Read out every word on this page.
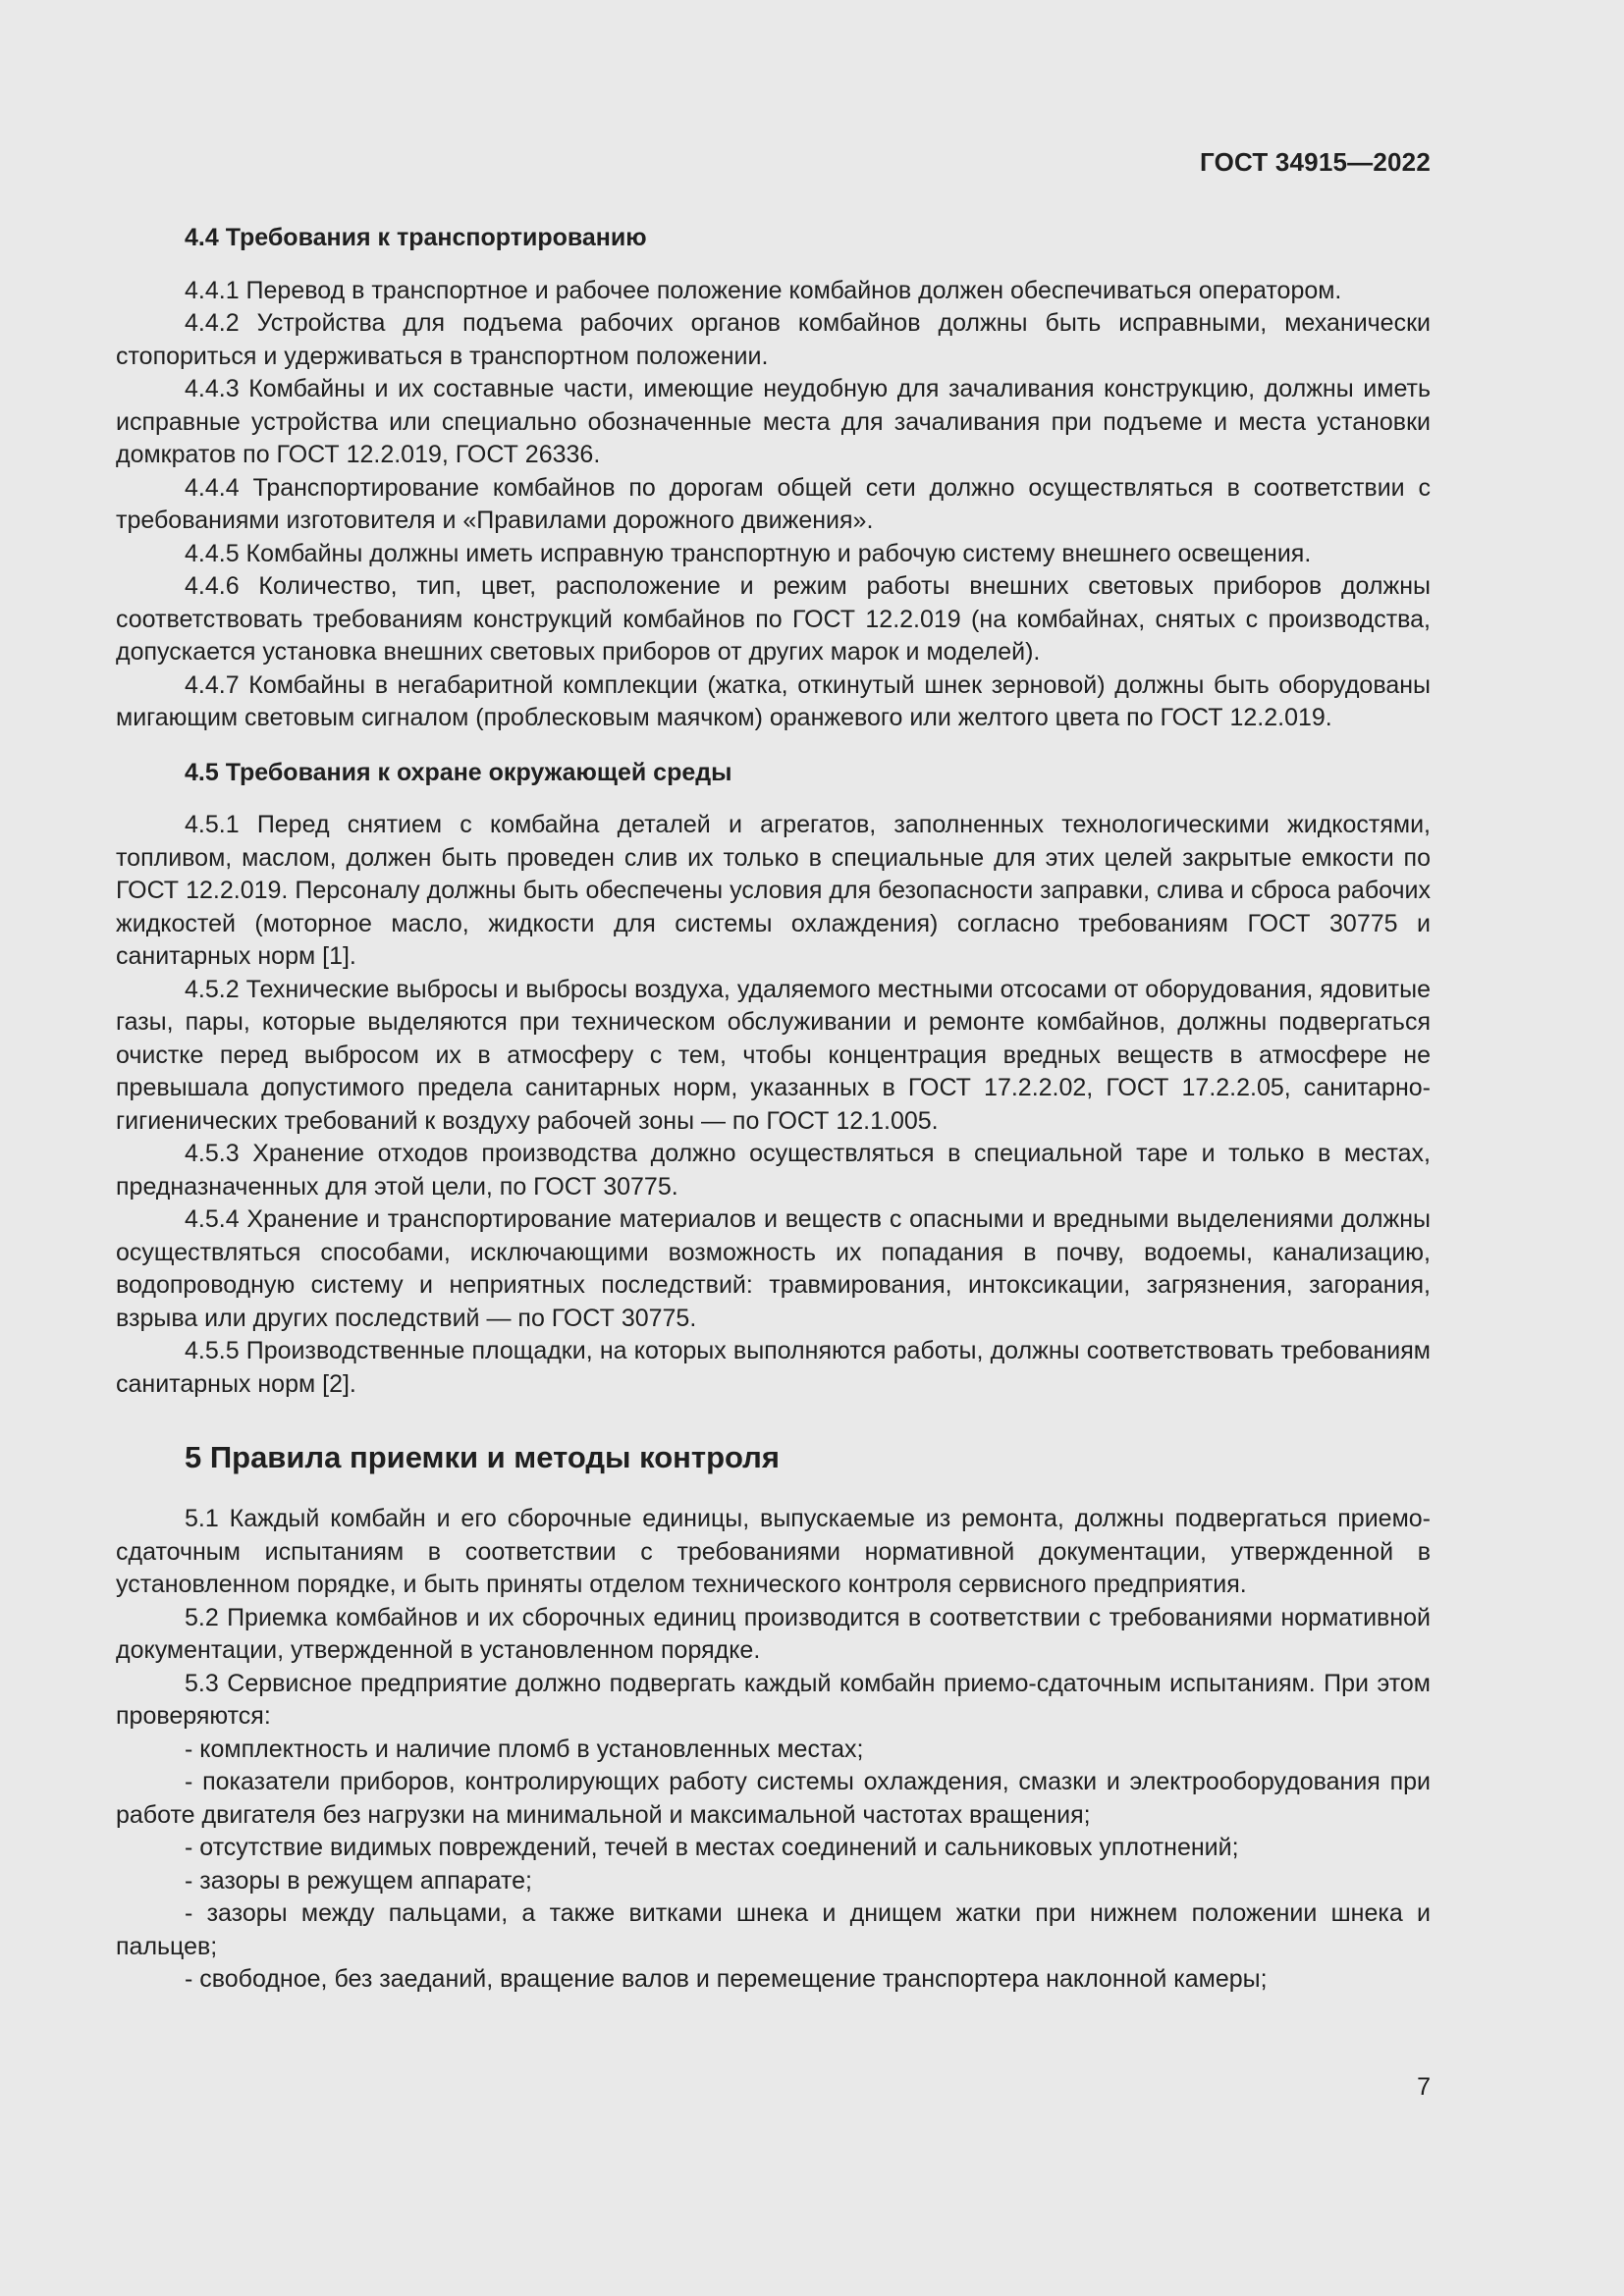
ГОСТ 34915—2022
4.4 Требования к транспортированию

4.4.1 Перевод в транспортное и рабочее положение комбайнов должен обеспечиваться оператором.

4.4.2 Устройства для подъема рабочих органов комбайнов должны быть исправными, механически стопориться и удерживаться в транспортном положении.

4.4.3 Комбайны и их составные части, имеющие неудобную для зачаливания конструкцию, должны иметь исправные устройства или специально обозначенные места для зачаливания при подъеме и места установки домкратов по ГОСТ 12.2.019, ГОСТ 26336.

4.4.4 Транспортирование комбайнов по дорогам общей сети должно осуществляться в соответствии с требованиями изготовителя и «Правилами дорожного движения».

4.4.5 Комбайны должны иметь исправную транспортную и рабочую систему внешнего освещения.

4.4.6 Количество, тип, цвет, расположение и режим работы внешних световых приборов должны соответствовать требованиям конструкций комбайнов по ГОСТ 12.2.019 (на комбайнах, снятых с производства, допускается установка внешних световых приборов от других марок и моделей).

4.4.7 Комбайны в негабаритной комплекции (жатка, откинутый шнек зерновой) должны быть оборудованы мигающим световым сигналом (проблесковым маячком) оранжевого или желтого цвета по ГОСТ 12.2.019.

4.5 Требования к охране окружающей среды

4.5.1 Перед снятием с комбайна деталей и агрегатов, заполненных технологическими жидкостями, топливом, маслом, должен быть проведен слив их только в специальные для этих целей закрытые емкости по ГОСТ 12.2.019. Персоналу должны быть обеспечены условия для безопасности заправки, слива и сброса рабочих жидкостей (моторное масло, жидкости для системы охлаждения) согласно требованиям ГОСТ 30775 и санитарных норм [1].

4.5.2 Технические выбросы и выбросы воздуха, удаляемого местными отсосами от оборудования, ядовитые газы, пары, которые выделяются при техническом обслуживании и ремонте комбайнов, должны подвергаться очистке перед выбросом их в атмосферу с тем, чтобы концентрация вредных веществ в атмосфере не превышала допустимого предела санитарных норм, указанных в ГОСТ 17.2.2.02, ГОСТ 17.2.2.05, санитарно-гигиенических требований к воздуху рабочей зоны — по ГОСТ 12.1.005.

4.5.3 Хранение отходов производства должно осуществляться в специальной таре и только в местах, предназначенных для этой цели, по ГОСТ 30775.

4.5.4 Хранение и транспортирование материалов и веществ с опасными и вредными выделениями должны осуществляться способами, исключающими возможность их попадания в почву, водоемы, канализацию, водопроводную систему и неприятных последствий: травмирования, интоксикации, загрязнения, загорания, взрыва или других последствий — по ГОСТ 30775.

4.5.5 Производственные площадки, на которых выполняются работы, должны соответствовать требованиям санитарных норм [2].

5 Правила приемки и методы контроля

5.1 Каждый комбайн и его сборочные единицы, выпускаемые из ремонта, должны подвергаться приемо-сдаточным испытаниям в соответствии с требованиями нормативной документации, утвержденной в установленном порядке, и быть приняты отделом технического контроля сервисного предприятия.

5.2 Приемка комбайнов и их сборочных единиц производится в соответствии с требованиями нормативной документации, утвержденной в установленном порядке.

5.3 Сервисное предприятие должно подвергать каждый комбайн приемо-сдаточным испытаниям. При этом проверяются:

- комплектность и наличие пломб в установленных местах;

- показатели приборов, контролирующих работу системы охлаждения, смазки и электрооборудования при работе двигателя без нагрузки на минимальной и максимальной частотах вращения;

- отсутствие видимых повреждений, течей в местах соединений и сальниковых уплотнений;

- зазоры в режущем аппарате;

- зазоры между пальцами, а также витками шнека и днищем жатки при нижнем положении шнека и пальцев;

- свободное, без заеданий, вращение валов и перемещение транспортера наклонной камеры;

7
